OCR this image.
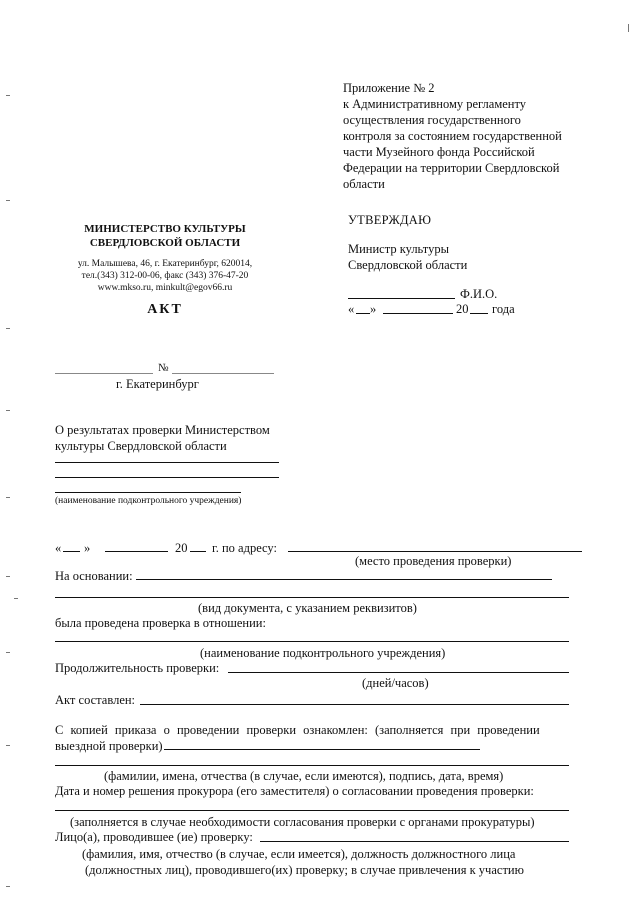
Приложение № 2
к Административному регламенту
осуществления государственного
контроля за состоянием государственной
части Музейного фонда Российской
Федерации на территории Свердловской
области
УТВЕРЖДАЮ
Министр культуры
Свердловской области
Ф.И.О.
« »	20 года
МИНИСТЕРСТВО КУЛЬТУРЫ
СВЕРДЛОВСКОЙ ОБЛАСТИ
ул. Малышева, 46, г. Екатеринбург, 620014,
тел.(343) 312-00-06, факс (343) 376-47-20
www.mkso.ru, minkult@egov66.ru
АКТ
№
г. Екатеринбург
О результатах проверки Министерством
культуры Свердловской области
(наименование подконтрольного учреждения)
« »	20 г. по адресу:
(место проведения проверки)
На основании:
(вид документа, с указанием реквизитов)
была проведена проверка в отношении:
(наименование подконтрольного учреждения)
Продолжительность проверки:
(дней/часов)
Акт составлен:
С копией приказа о проведении проверки ознакомлен: (заполняется при проведении
выездной проверки)
(фамилии, имена, отчества (в случае, если имеются), подпись, дата, время)
Дата и номер решения прокурора (его заместителя) о согласовании проведения проверки:
(заполняется в случае необходимости согласования проверки с органами прокуратуры)
Лицо(а), проводившее (ие) проверку:
(фамилия, имя, отчество (в случае, если имеется), должность должностного лица
(должностных лиц), проводившего(их) проверку; в случае привлечения к участию
